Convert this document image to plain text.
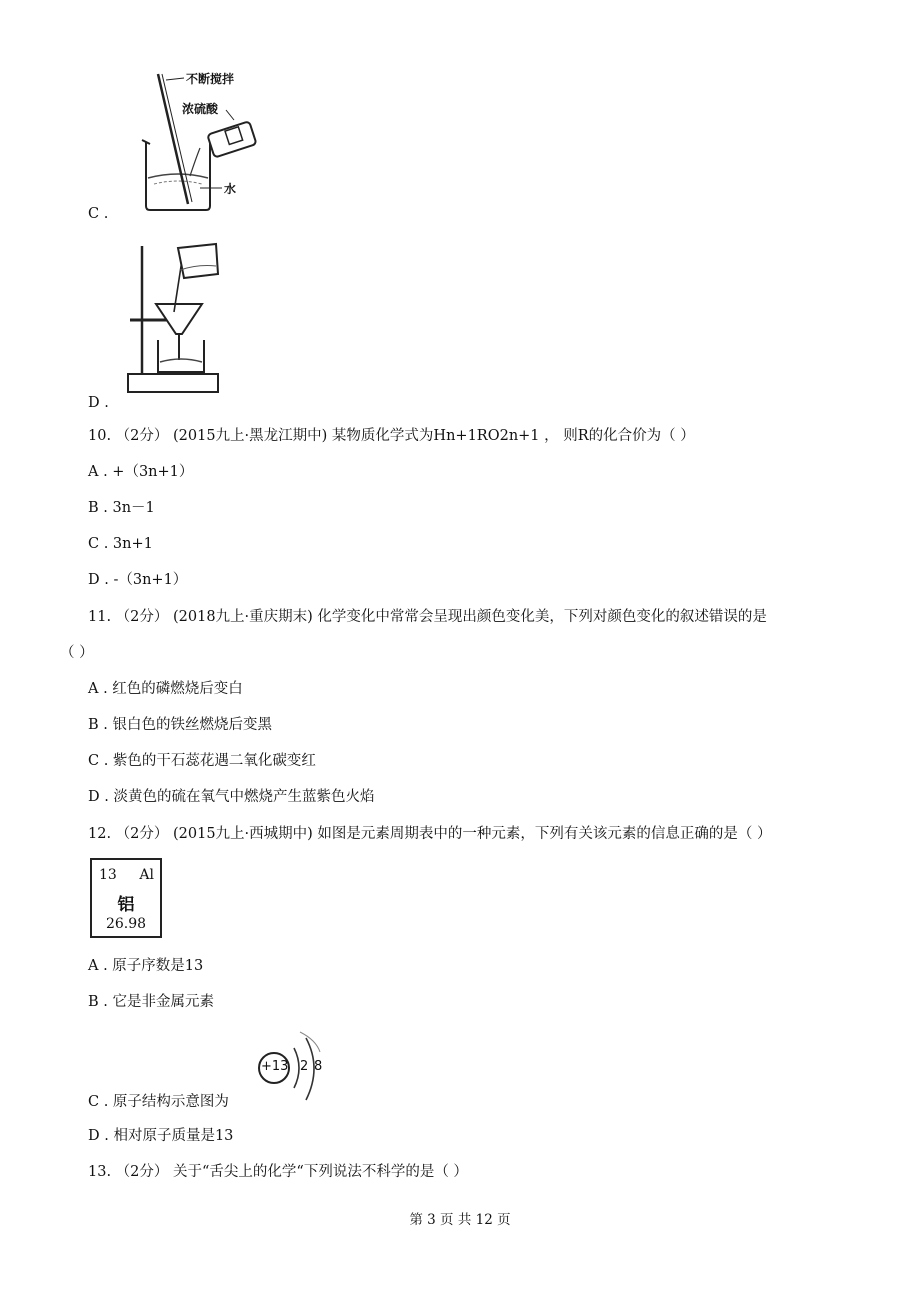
不断搅拌
浓硫酸
水
C .
D .
10. （2分） (2015九上·黑龙江期中) 某物质化学式为Hn+1RO2n+1 ， 则R的化合价为（ ）
A . +（3n+1）
B . 3n－1
C . 3n+1
D . -（3n+1）
11. （2分） (2018九上·重庆期末) 化学变化中常常会呈现出颜色变化美，下列对颜色变化的叙述错误的是
（ ）
A . 红色的磷燃烧后变白
B . 银白色的铁丝燃烧后变黑
C . 紫色的干石蕊花遇二氧化碳变红
D . 淡黄色的硫在氧气中燃烧产生蓝紫色火焰
12. （2分） (2015九上·西城期中) 如图是元素周期表中的一种元素，下列有关该元素的信息正确的是（ ）
13 Al
铝
26.98
A . 原子序数是13
B . 它是非金属元素
+13 2 8
C . 原子结构示意图为
D . 相对原子质量是13
13. （2分） 关于“舌尖上的化学“下列说法不科学的是（ ）
第 3 页 共 12 页
